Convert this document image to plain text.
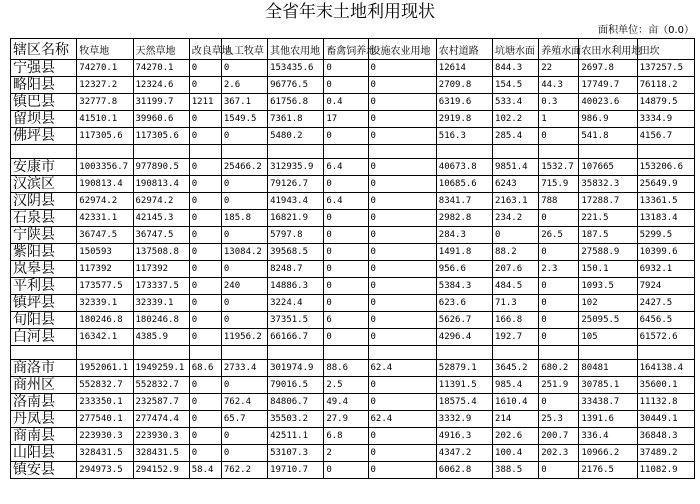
全省年末土地利用现状
面积单位：亩（0.0）
辖区名称	牧草地	天然草地	改良草地	人工牧草	其他农用地	畜禽饲养地	设施农业用地	农村道路	坑塘水面	养殖水面	农田水利用地	田坎
宁强县	74270.1	74270.1	0	0	153435.6	0	0	12614	844.3	22	2697.8	137257.5
略阳县	12327.2	12324.6	0	2.6	96776.5	0	0	2709.8	154.5	44.3	17749.7	76118.2
镇巴县	32777.8	31199.7	1211	367.1	61756.8	0.4	0	6319.6	533.4	0.3	40023.6	14879.5
留坝县	41510.1	39960.6	0	1549.5	7361.8	17	0	2919.8	102.2	1	986.9	3334.9
佛坪县	117305.6	117305.6	0	0	5480.2	0	0	516.3	285.4	0	541.8	4156.7

安康市	1003356.7	977890.5	0	25466.2	312935.9	6.4	0	40673.8	9851.4	1532.7	107665	153206.6
汉滨区	190813.4	190813.4	0	0	79126.7	0	0	10685.6	6243	715.9	35832.3	25649.9
汉阴县	62974.2	62974.2	0	0	41943.4	6.4	0	8341.7	2163.1	788	17288.7	13361.5
石泉县	42331.1	42145.3	0	185.8	16821.9	0	0	2982.8	234.2	0	221.5	13183.4
宁陕县	36747.5	36747.5	0	0	5797.8	0	0	284.3	0	26.5	187.5	5299.5
紫阳县	150593	137508.8	0	13084.2	39568.5	0	0	1491.8	88.2	0	27588.9	10399.6
岚皋县	117392	117392	0	0	8248.7	0	0	956.6	207.6	2.3	150.1	6932.1
平利县	173577.5	173337.5	0	240	14886.3	0	0	5384.3	484.5	0	1093.5	7924
镇坪县	32339.1	32339.1	0	0	3224.4	0	0	623.6	71.3	0	102	2427.5
旬阳县	180246.8	180246.8	0	0	37351.5	6	0	5626.7	166.8	0	25095.5	6456.5
白河县	16342.1	4385.9	0	11956.2	66166.7	0	0	4296.4	192.7	0	105	61572.6

商洛市	1952061.1	1949259.1	68.6	2733.4	301974.9	88.6	62.4	52879.1	3645.2	680.2	80481	164138.4
商州区	552832.7	552832.7	0	0	79016.5	2.5	0	11391.5	985.4	251.9	30785.1	35600.1
洛南县	233350.1	232587.7	0	762.4	84806.7	49.4	0	18575.4	1610.4	0	33438.7	11132.8
丹凤县	277540.1	277474.4	0	65.7	35503.2	27.9	62.4	3332.9	214	25.3	1391.6	30449.1
商南县	223930.3	223930.3	0	0	42511.1	6.8	0	4916.3	202.6	200.7	336.4	36848.3
山阳县	328431.5	328431.5	0	0	53107.3	2	0	4347.2	100.4	202.3	10966.2	37489.2
镇安县	294973.5	294152.9	58.4	762.2	19710.7	0	0	6062.8	388.5	0	2176.5	11082.9
